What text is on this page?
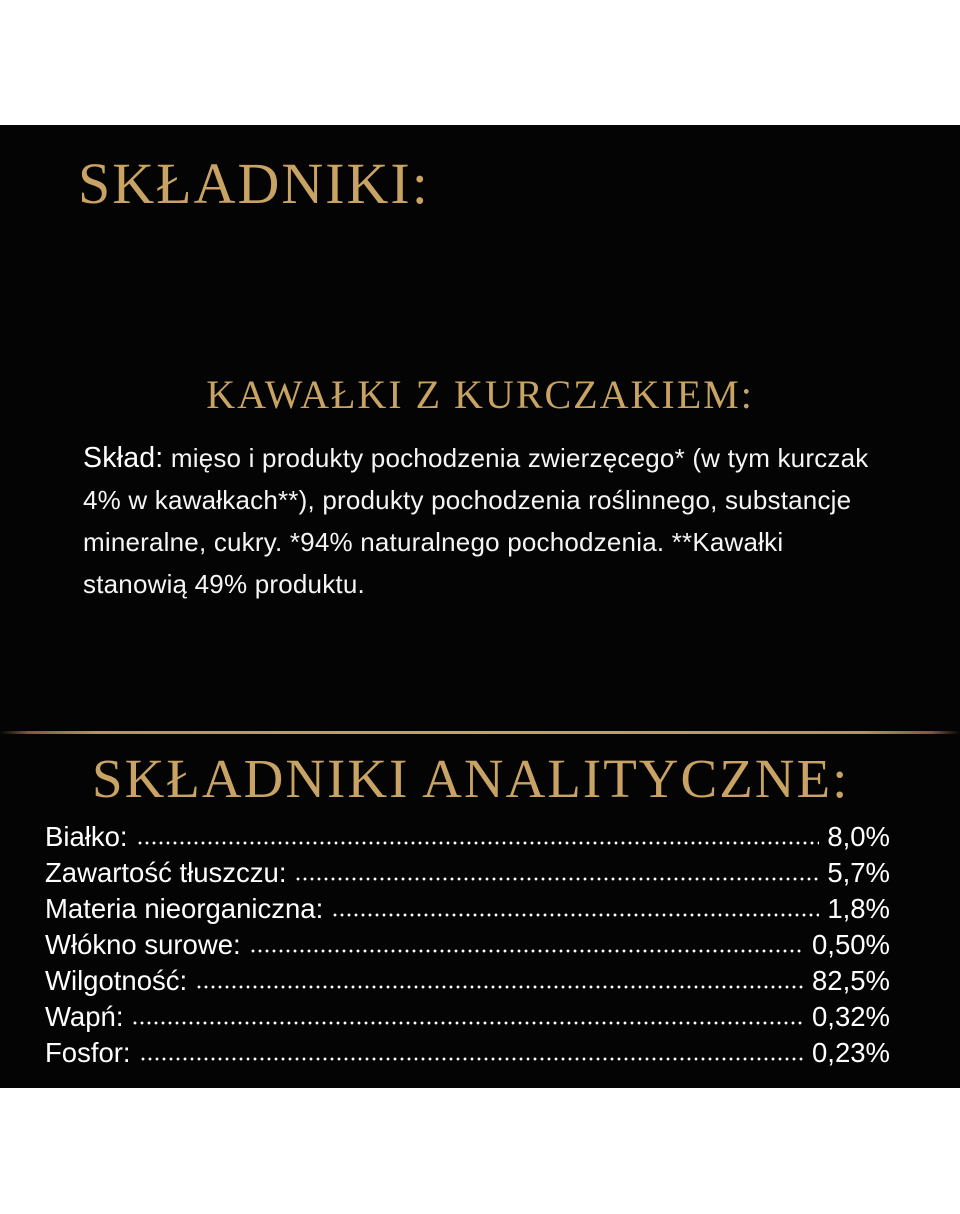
SKŁADNIKI:
KAWAŁKI Z KURCZAKIEM:

Skład: mięso i produkty pochodzenia zwierzęcego* (w tym kurczak 4% w kawałkach**), produkty pochodzenia roślinnego, substancje mineralne, cukry. *94% naturalnego pochodzenia. **Kawałki stanowią 49% produktu.

SKŁADNIKI ANALITYCZNE:
Białko:	8,0%
Zawartość tłuszczu:	5,7%
Materia nieorganiczna:	1,8%
Włókno surowe:	0,50%
Wilgotność:	82,5%
Wapń:	0,32%
Fosfor:	0,23%
